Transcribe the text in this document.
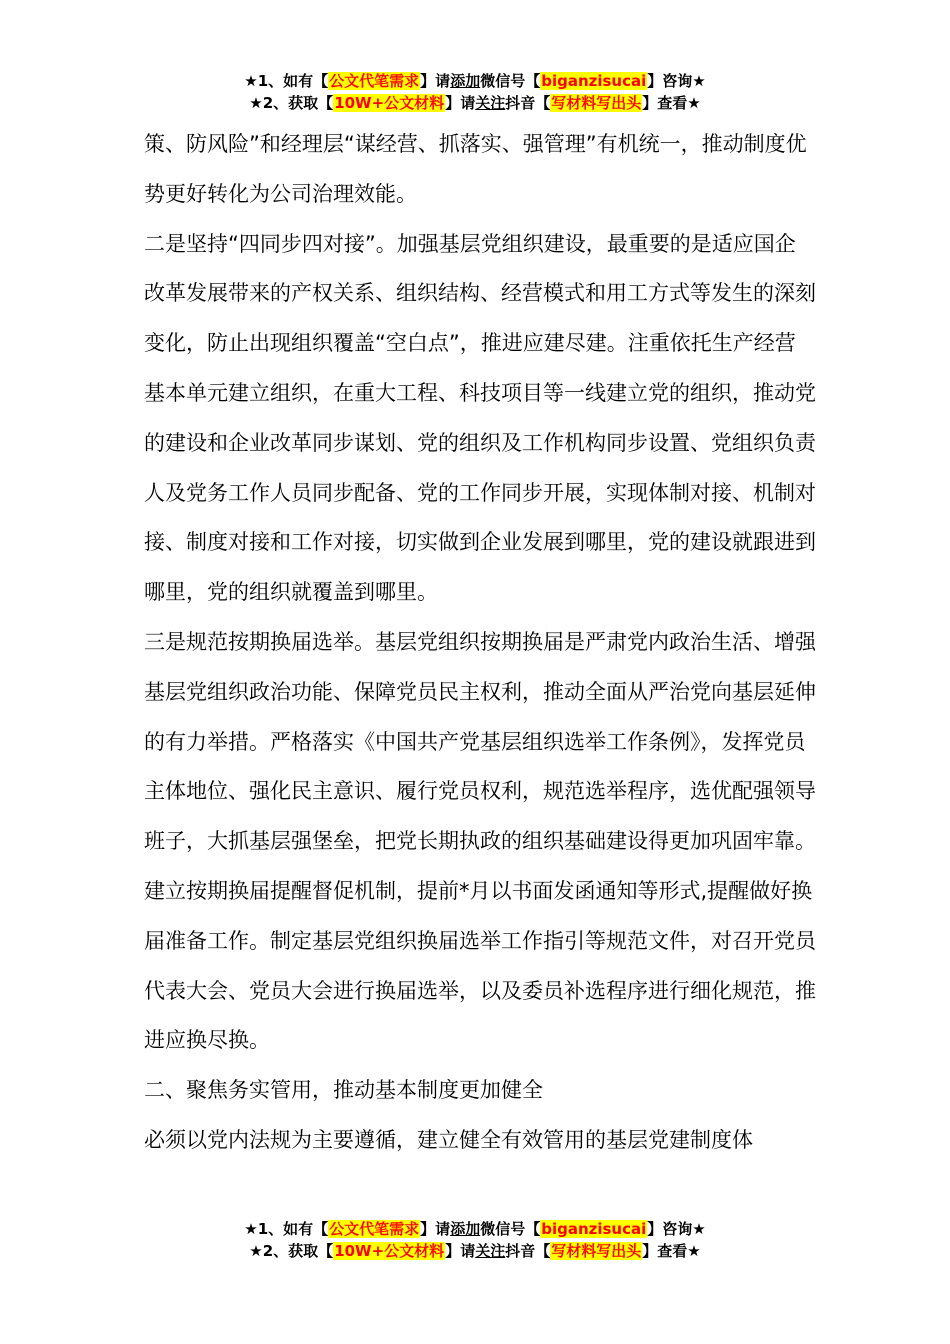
★1、如有【公文代笔需求】请添加微信号【biganzisucai】咨询★
★2、获取【10W+公文材料】请关注抖音【写材料写出头】查看★

策、防风险”和经理层“谋经营、抓落实、强管理”有机统一，推动制度优势更好转化为公司治理效能。

二是坚持“四同步四对接”。加强基层党组织建设，最重要的是适应国企改革发展带来的产权关系、组织结构、经营模式和用工方式等发生的深刻变化，防止出现组织覆盖“空白点”，推进应建尽建。注重依托生产经营基本单元建立组织，在重大工程、科技项目等一线建立党的组织，推动党的建设和企业改革同步谋划、党的组织及工作机构同步设置、党组织负责人及党务工作人员同步配备、党的工作同步开展，实现体制对接、机制对接、制度对接和工作对接，切实做到企业发展到哪里，党的建设就跟进到哪里，党的组织就覆盖到哪里。

三是规范按期换届选举。基层党组织按期换届是严肃党内政治生活、增强基层党组织政治功能、保障党员民主权利，推动全面从严治党向基层延伸的有力举措。严格落实《中国共产党基层组织选举工作条例》，发挥党员主体地位、强化民主意识、履行党员权利，规范选举程序，选优配强领导班子，大抓基层强堡垒，把党长期执政的组织基础建设得更加巩固牢靠。建立按期换届提醒督促机制，提前*月以书面发函通知等形式,提醒做好换届准备工作。制定基层党组织换届选举工作指引等规范文件，对召开党员代表大会、党员大会进行换届选举，以及委员补选程序进行细化规范，推进应换尽换。

二、聚焦务实管用，推动基本制度更加健全

必须以党内法规为主要遵循，建立健全有效管用的基层党建制度体

★1、如有【公文代笔需求】请添加微信号【biganzisucai】咨询★
★2、获取【10W+公文材料】请关注抖音【写材料写出头】查看★
